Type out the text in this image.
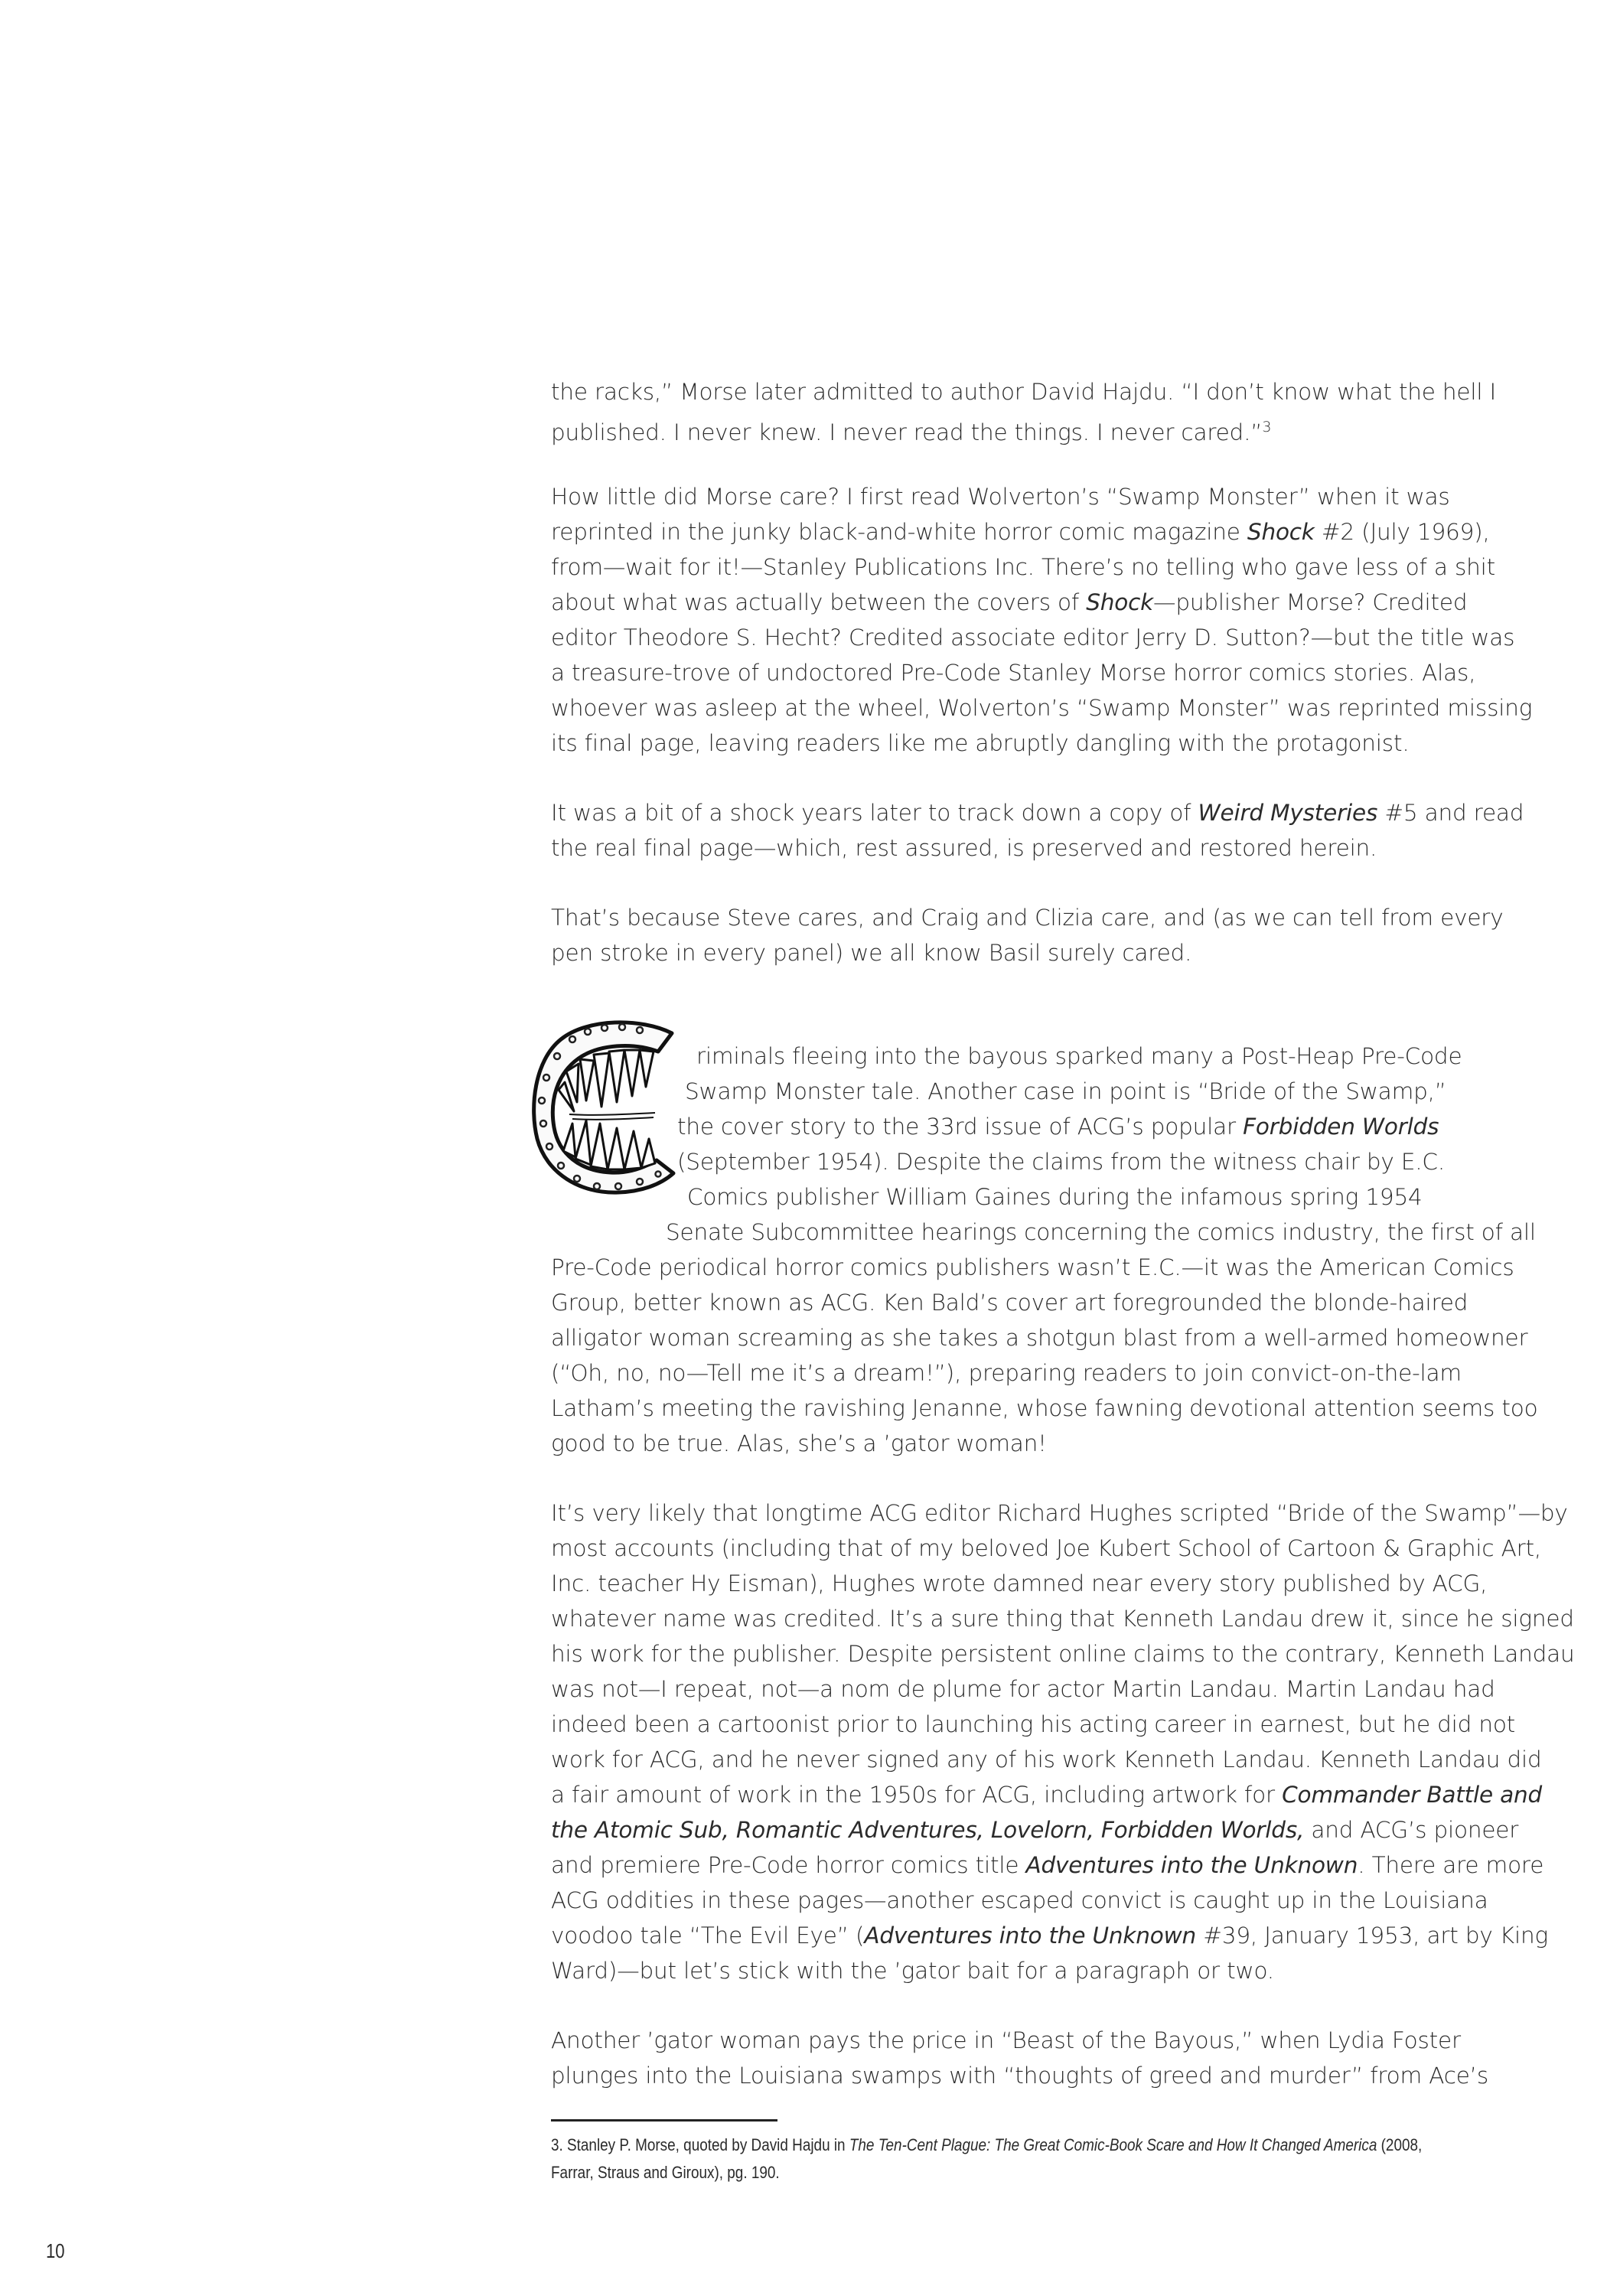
the racks,” Morse later admitted to author David Hajdu. “I don’t know what the hell I
published. I never knew. I never read the things. I never cared.”$^3$
How little did Morse care? I first read Wolverton’s “Swamp Monster” when it was
reprinted in the junky black-and-white horror comic magazine Shock #2 (July 1969),
from—wait for it!—Stanley Publications Inc. There’s no telling who gave less of a shit
about what was actually between the covers of Shock—publisher Morse? Credited
editor Theodore S. Hecht? Credited associate editor Jerry D. Sutton?—but the title was
a treasure-trove of undoctored Pre-Code Stanley Morse horror comics stories. Alas,
whoever was asleep at the wheel, Wolverton’s “Swamp Monster” was reprinted missing
its final page, leaving readers like me abruptly dangling with the protagonist.
It was a bit of a shock years later to track down a copy of Weird Mysteries #5 and read
the real final page—which, rest assured, is preserved and restored herein.
That’s because Steve cares, and Craig and Clizia care, and (as we can tell from every
pen stroke in every panel) we all know Basil surely cared.
riminals fleeing into the bayous sparked many a Post-Heap Pre-Code
Swamp Monster tale. Another case in point is “Bride of the Swamp,”
the cover story to the 33rd issue of ACG’s popular Forbidden Worlds
(September 1954). Despite the claims from the witness chair by E.C.
Comics publisher William Gaines during the infamous spring 1954
Senate Subcommittee hearings concerning the comics industry, the first of all
Pre-Code periodical horror comics publishers wasn’t E.C.—it was the American Comics
Group, better known as ACG. Ken Bald’s cover art foregrounded the blonde-haired
alligator woman screaming as she takes a shotgun blast from a well-armed homeowner
(“Oh, no, no—Tell me it’s a dream!”), preparing readers to join convict-on-the-lam
Latham’s meeting the ravishing Jenanne, whose fawning devotional attention seems too
good to be true. Alas, she’s a ’gator woman!
It’s very likely that longtime ACG editor Richard Hughes scripted “Bride of the Swamp”—by
most accounts (including that of my beloved Joe Kubert School of Cartoon & Graphic Art,
Inc. teacher Hy Eisman), Hughes wrote damned near every story published by ACG,
whatever name was credited. It’s a sure thing that Kenneth Landau drew it, since he signed
his work for the publisher. Despite persistent online claims to the contrary, Kenneth Landau
was not—I repeat, not—a nom de plume for actor Martin Landau. Martin Landau had
indeed been a cartoonist prior to launching his acting career in earnest, but he did not
work for ACG, and he never signed any of his work Kenneth Landau. Kenneth Landau did
a fair amount of work in the 1950s for ACG, including artwork for Commander Battle and
the Atomic Sub, Romantic Adventures, Lovelorn, Forbidden Worlds, and ACG’s pioneer
and premiere Pre-Code horror comics title Adventures into the Unknown. There are more
ACG oddities in these pages—another escaped convict is caught up in the Louisiana
voodoo tale “The Evil Eye” (Adventures into the Unknown #39, January 1953, art by King
Ward)—but let’s stick with the ’gator bait for a paragraph or two.
Another ’gator woman pays the price in “Beast of the Bayous,” when Lydia Foster
plunges into the Louisiana swamps with “thoughts of greed and murder” from Ace’s
3. Stanley P. Morse, quoted by David Hajdu in The Ten-Cent Plague: The Great Comic-Book Scare and How It Changed America (2008,
Farrar, Straus and Giroux), pg. 190.
10
